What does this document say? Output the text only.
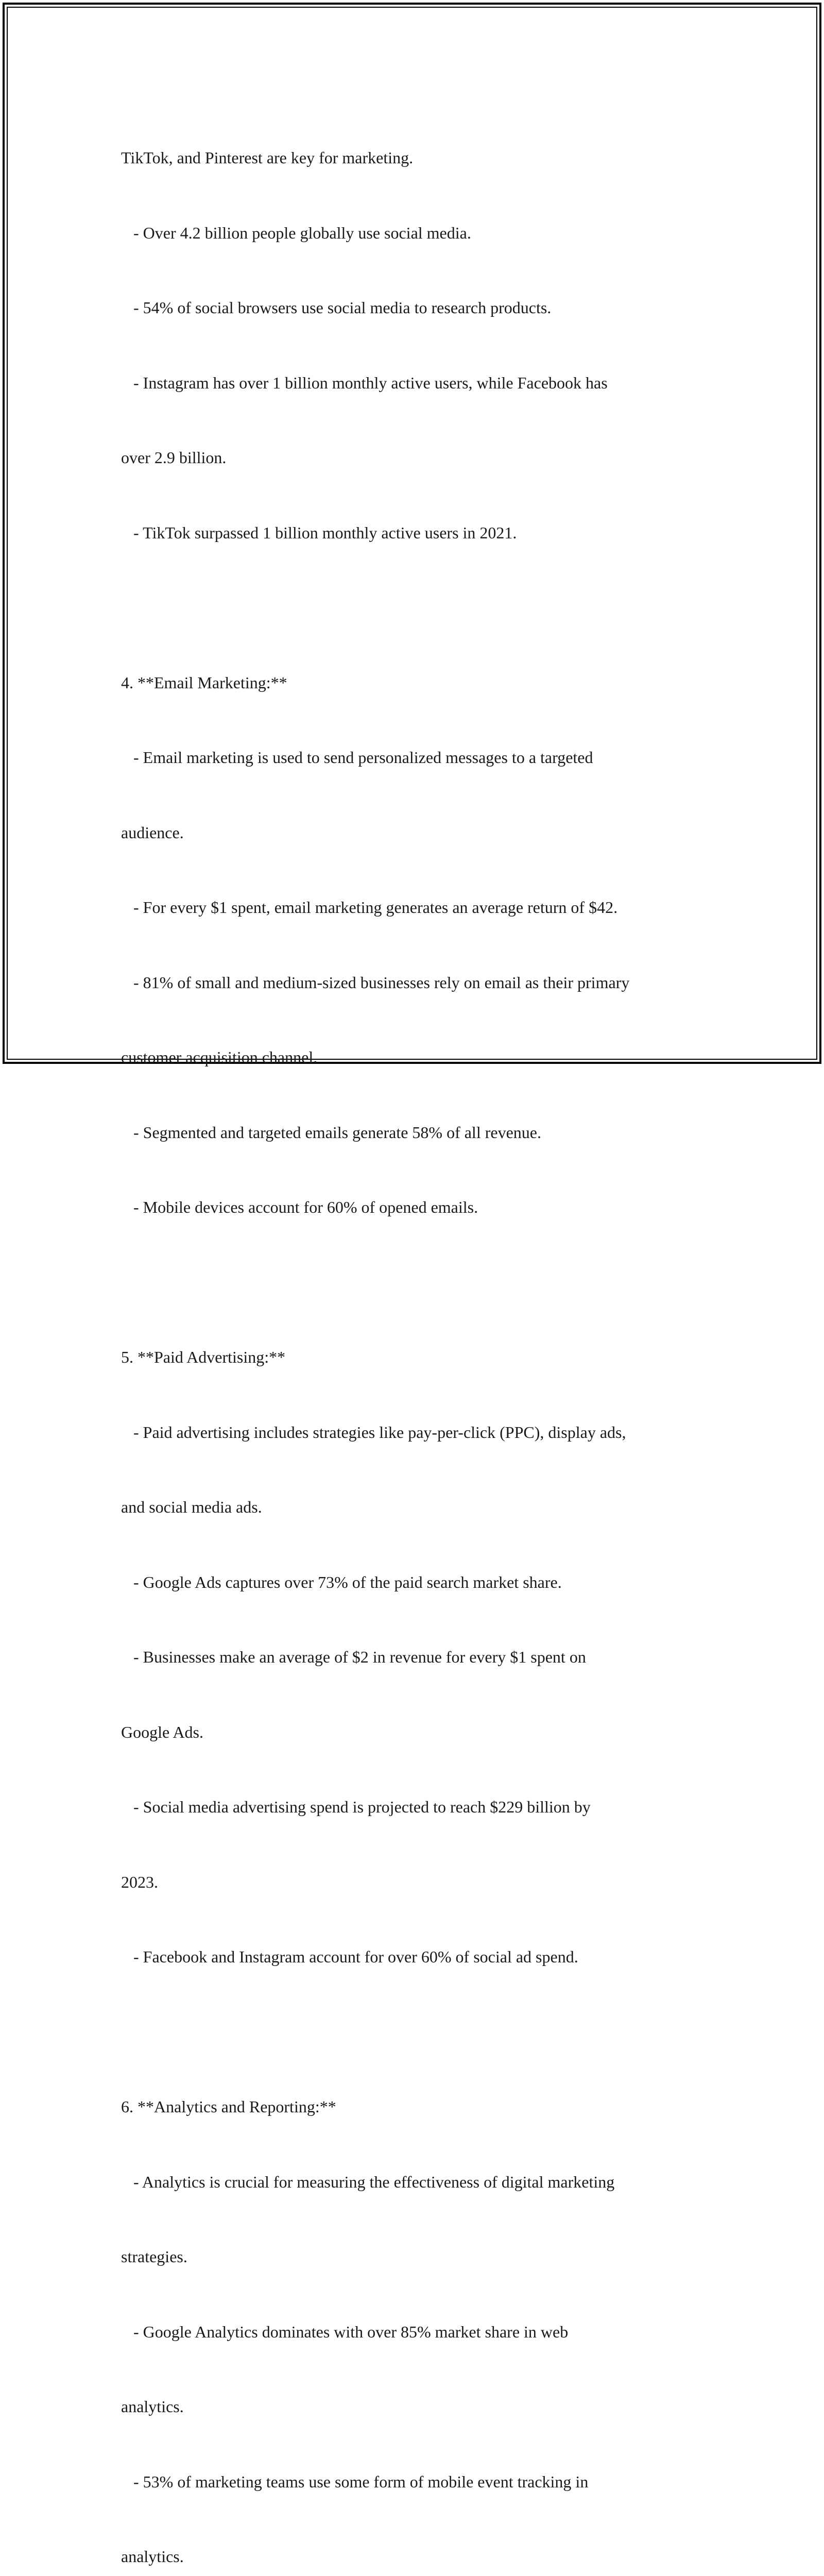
TikTok, and Pinterest are key for marketing.

- Over 4.2 billion people globally use social media.

- 54% of social browsers use social media to research products.

- Instagram has over 1 billion monthly active users, while Facebook has

over 2.9 billion.

- TikTok surpassed 1 billion monthly active users in 2021.

4. **Email Marketing:**

- Email marketing is used to send personalized messages to a targeted

audience.

- For every $1 spent, email marketing generates an average return of $42.

- 81% of small and medium-sized businesses rely on email as their primary

customer acquisition channel.

- Segmented and targeted emails generate 58% of all revenue.

- Mobile devices account for 60% of opened emails.

5. **Paid Advertising:**

- Paid advertising includes strategies like pay-per-click (PPC), display ads,

and social media ads.

- Google Ads captures over 73% of the paid search market share.

- Businesses make an average of $2 in revenue for every $1 spent on

Google Ads.

- Social media advertising spend is projected to reach $229 billion by

2023.

- Facebook and Instagram account for over 60% of social ad spend.

6. **Analytics and Reporting:**

- Analytics is crucial for measuring the effectiveness of digital marketing

strategies.

- Google Analytics dominates with over 85% market share in web

analytics.

- 53% of marketing teams use some form of mobile event tracking in

analytics.
